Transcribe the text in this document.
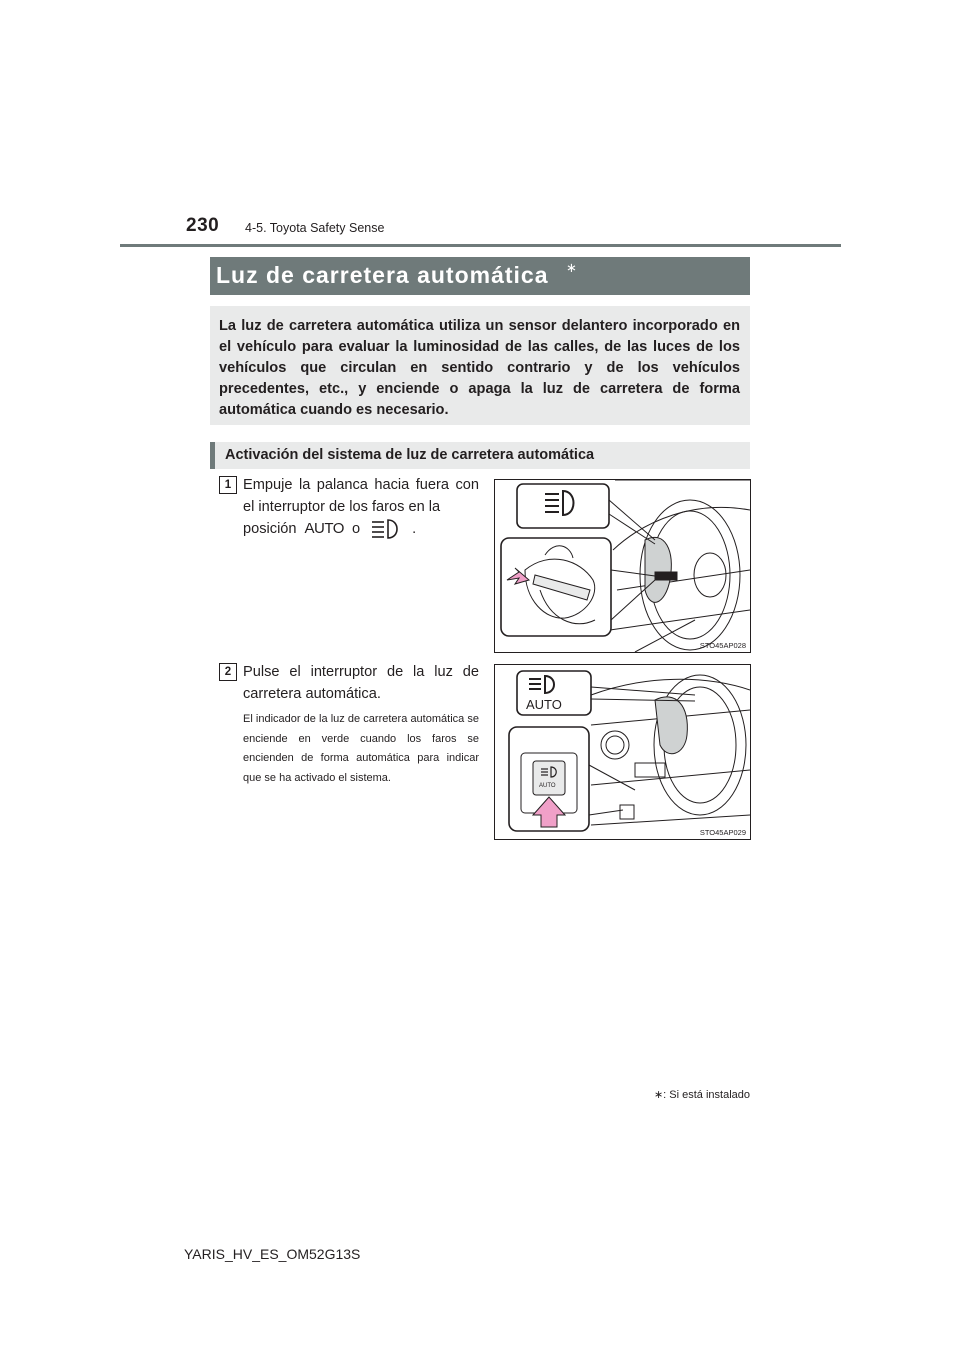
230 4-5. Toyota Safety Sense
Luz de carretera automática ∗
La luz de carretera automática utiliza un sensor delantero incorporado en el vehículo para evaluar la luminosidad de las calles, de las luces de los vehículos que circulan en sentido contrario y de los vehículos precedentes, etc., y enciende o apaga la luz de carretera de forma automática cuando es necesario.
Activación del sistema de luz de carretera automática
1 Empuje la palanca hacia fuera con el interruptor de los faros en la

posición AUTO o	.
STO45AP028
2 Pulse el interruptor de la luz de carretera automática.
El indicador de la luz de carretera automática se enciende en verde cuando los faros se encienden de forma automática para indicar que se ha activado el sistema.
AUTO
AUTO
STO45AP029
∗: Si está instalado
YARIS_HV_ES_OM52G13S
